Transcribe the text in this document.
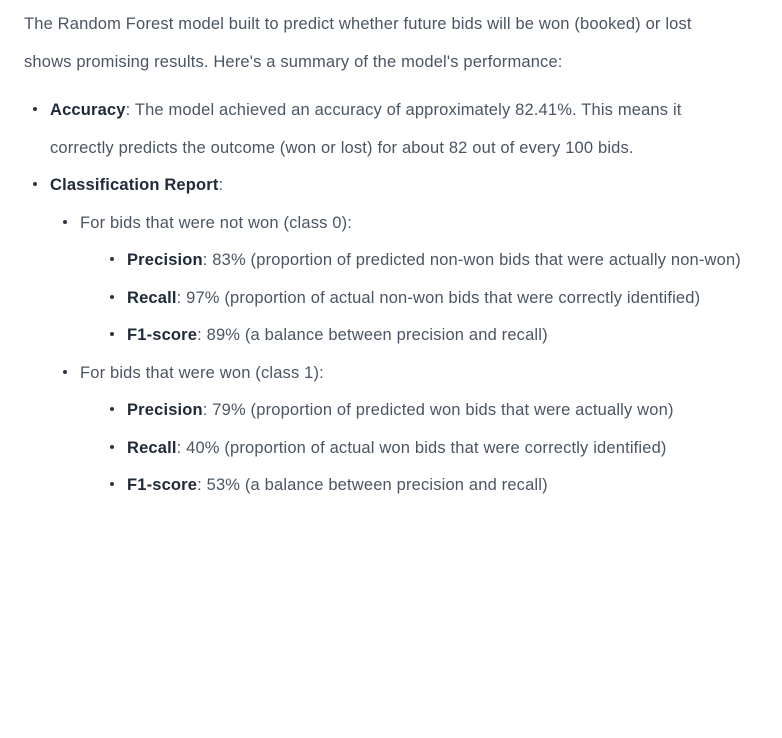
The Random Forest model built to predict whether future bids will be won (booked) or lost shows promising results. Here's a summary of the model's performance:

Accuracy: The model achieved an accuracy of approximately 82.41%. This means it correctly predicts the outcome (won or lost) for about 82 out of every 100 bids.
Classification Report:
For bids that were not won (class 0):
Precision: 83% (proportion of predicted non-won bids that were actually non-won)
Recall: 97% (proportion of actual non-won bids that were correctly identified)
F1-score: 89% (a balance between precision and recall)
For bids that were won (class 1):
Precision: 79% (proportion of predicted won bids that were actually won)
Recall: 40% (proportion of actual won bids that were correctly identified)
F1-score: 53% (a balance between precision and recall)
